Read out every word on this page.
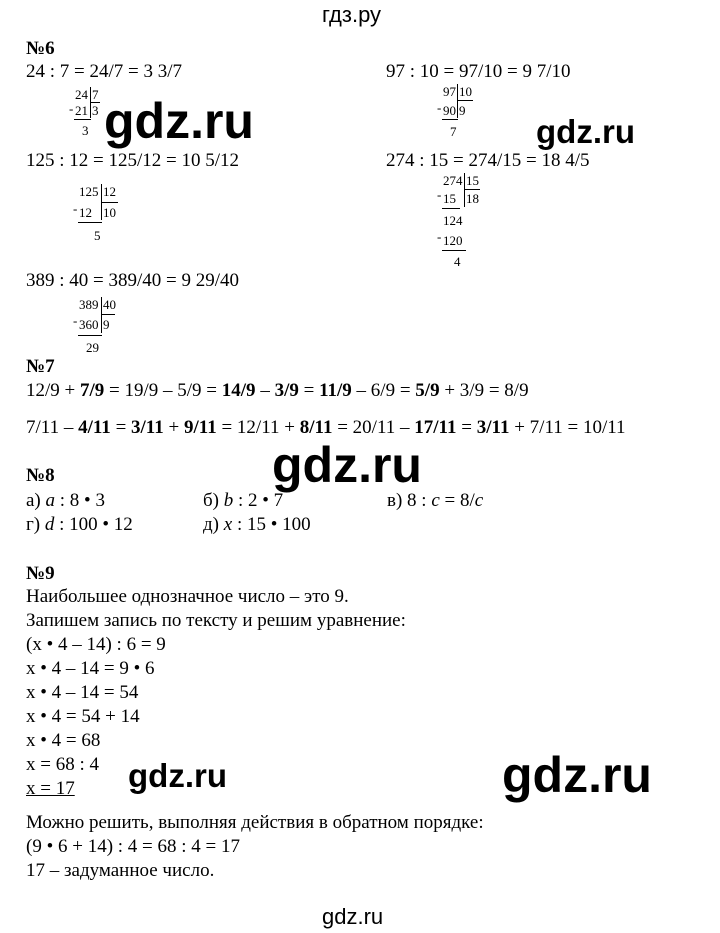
гдз.ру
№6
24 : 7 = 24/7 = 3 3/7	97 : 10 = 97/10 = 9 7/10
24 7
- 21 3
3
97 10
- 90 9
7
gdz.ru	gdz.ru
125 : 12 = 125/12 = 10 5/12	274 : 15 = 274/15 = 18 4/5
125 12
- 12 10
5
274 15
- 15 18
124
- 120
4
389 : 40 = 389/40 = 9 29/40
389 40
- 360 9
29
№7
12/9 + 7/9 = 19/9 – 5/9 = 14/9 – 3/9 = 11/9 – 6/9 = 5/9 + 3/9 = 8/9
7/11 – 4/11 = 3/11 + 9/11 = 12/11 + 8/11 = 20/11 – 17/11 = 3/11 + 7/11 = 10/11
gdz.ru
№8
а) a : 8 • 3	б) b : 2 • 7	в) 8 : c = 8/c
г) d : 100 • 12	д) x : 15 • 100
№9
Наибольшее однозначное число – это 9.
Запишем запись по тексту и решим уравнение:
(x • 4 – 14) : 6 = 9
x • 4 – 14 = 9 • 6
x • 4 – 14 = 54
x • 4 = 54 + 14
x • 4 = 68
x = 68 : 4
x = 17 gdz.ru	gdz.ru
Можно решить, выполняя действия в обратном порядке:
(9 • 6 + 14) : 4 = 68 : 4 = 17
17 – задуманное число.
gdz.ru
